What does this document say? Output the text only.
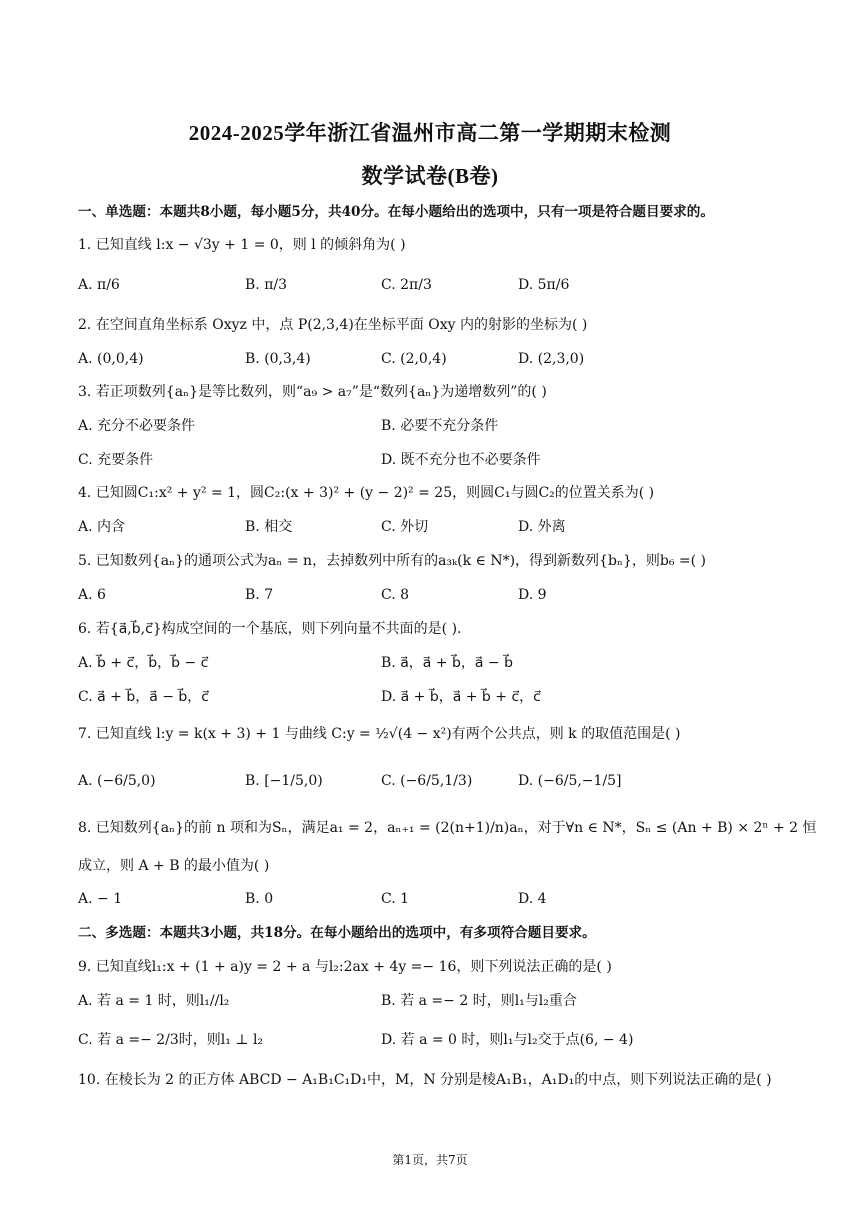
2024-2025学年浙江省温州市高二第一学期期末检测
数学试卷(B卷)
一、单选题：本题共8小题，每小题5分，共40分。在每小题给出的选项中，只有一项是符合题目要求的。
1. 已知直线 l:x − √3y + 1 = 0，则 l 的倾斜角为( )
A. π/6	B. π/3	C. 2π/3	D. 5π/6
2. 在空间直角坐标系 Oxyz 中，点 P(2,3,4)在坐标平面 Oxy 内的射影的坐标为( )
A. (0,0,4)	B. (0,3,4)	C. (2,0,4)	D. (2,3,0)
3. 若正项数列{aₙ}是等比数列，则“a₉ > a₇”是“数列{aₙ}为递增数列”的( )
A. 充分不必要条件	B. 必要不充分条件
C. 充要条件	D. 既不充分也不必要条件
4. 已知圆C₁:x² + y² = 1，圆C₂:(x + 3)² + (y − 2)² = 25，则圆C₁与圆C₂的位置关系为( )
A. 内含	B. 相交	C. 外切	D. 外离
5. 已知数列{aₙ}的通项公式为aₙ = n，去掉数列中所有的a₃ₖ(k ∈ N*)，得到新数列{bₙ}，则b₆ =( )
A. 6	B. 7	C. 8	D. 9
6. 若{a⃗,b⃗,c⃗}构成空间的一个基底，则下列向量不共面的是( ).
A. b⃗ + c⃗，b⃗，b⃗ − c⃗	B. a⃗，a⃗ + b⃗，a⃗ − b⃗
C. a⃗ + b⃗，a⃗ − b⃗，c⃗	D. a⃗ + b⃗，a⃗ + b⃗ + c⃗，c⃗
7. 已知直线 l:y = k(x + 3) + 1 与曲线 C:y = ½√(4 − x²)有两个公共点，则 k 的取值范围是( )
A. (−6/5,0)	B. [−1/5,0)	C. (−6/5,1/3)	D. (−6/5,−1/5]
8. 已知数列{aₙ}的前 n 项和为Sₙ，满足a₁ = 2，aₙ₊₁ = (2(n+1)/n)aₙ，对于∀n ∈ N*，Sₙ ≤ (An + B) × 2ⁿ + 2 恒
成立，则 A + B 的最小值为( )
A. − 1	B. 0	C. 1	D. 4
二、多选题：本题共3小题，共18分。在每小题给出的选项中，有多项符合题目要求。
9. 已知直线l₁:x + (1 + a)y = 2 + a 与l₂:2ax + 4y =− 16，则下列说法正确的是( )
A. 若 a = 1 时，则l₁//l₂	B. 若 a =− 2 时，则l₁与l₂重合
C. 若 a =− 2/3时，则l₁ ⊥ l₂	D. 若 a = 0 时，则l₁与l₂交于点(6, − 4)
10. 在棱长为 2 的正方体 ABCD − A₁B₁C₁D₁中，M，N 分别是棱A₁B₁，A₁D₁的中点，则下列说法正确的是( )
第1页，共7页
